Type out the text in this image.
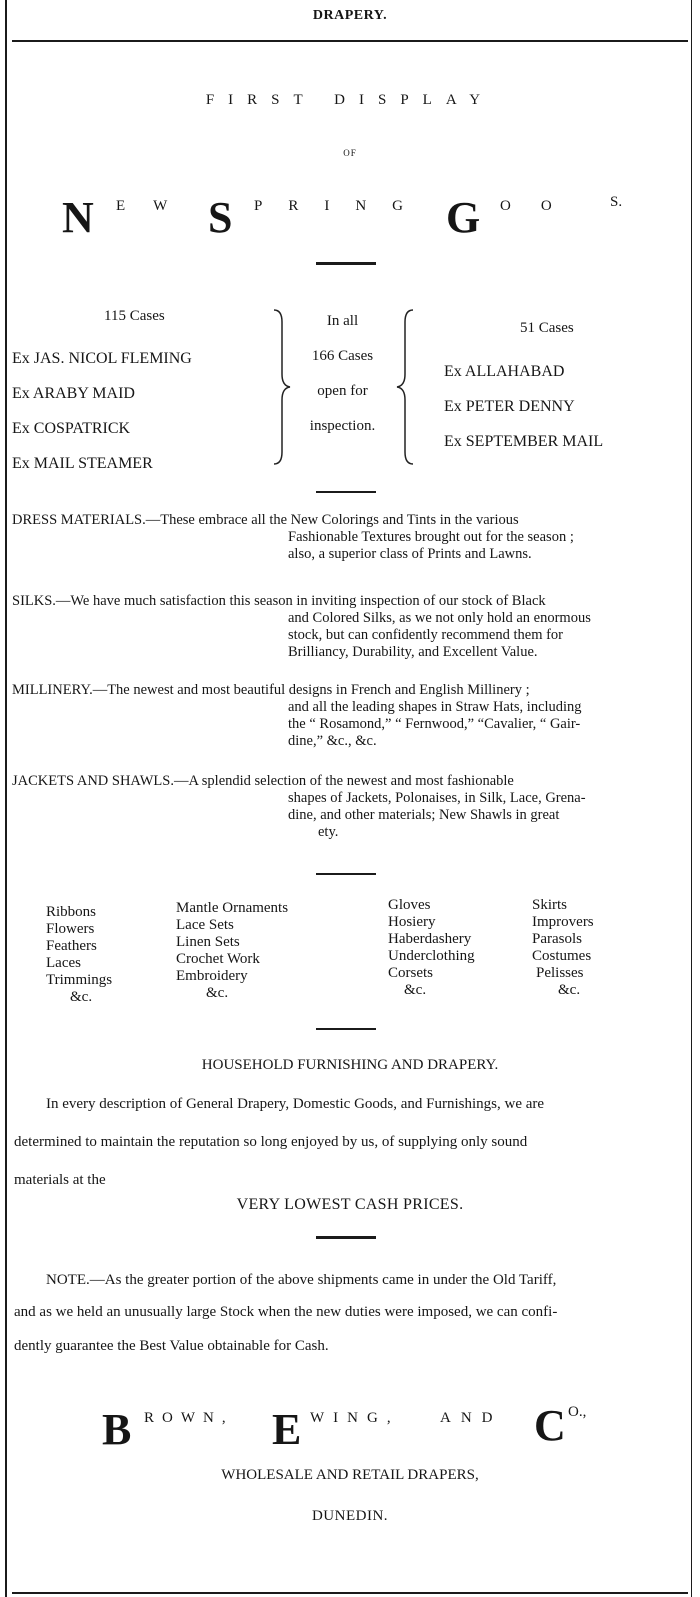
DRAPERY.
FIRST DISPLAY
OF
N EW S PRING G OO S.
115 Cases
Ex JAS. NICOL FLEMING
Ex ARABY MAID
Ex COSPATRICK
Ex MAIL STEAMER
In all
166 Cases
open for
inspection.
51 Cases
Ex ALLAHABAD
Ex PETER DENNY
Ex SEPTEMBER MAIL
DRESS MATERIALS.—These embrace all the New Colorings and Tints in the various
Fashionable Textures brought out for the season ;
also, a superior class of Prints and Lawns.
SILKS.—We have much satisfaction this season in inviting inspection of our stock of Black
and Colored Silks, as we not only hold an enormous
stock, but can confidently recommend them for
Brilliancy, Durability, and Excellent Value.
MILLINERY.—The newest and most beautiful designs in French and English Millinery ;
and all the leading shapes in Straw Hats, including
the “ Rosamond,” “ Fernwood,” “Cavalier, “ Gair-
dine,” &c., &c.
JACKETS AND SHAWLS.—A splendid selection of the newest and most fashionable
shapes of Jackets, Polonaises, in Silk, Lace, Grena-
dine, and other materials; New Shawls in great
ety.
Ribbons
Flowers
Feathers
Laces
Trimmings
&c.
Mantle Ornaments
Lace Sets
Linen Sets
Crochet Work
Embroidery
&c.
Gloves
Hosiery
Haberdashery
Underclothing
Corsets
&c.
Skirts
Improvers
Parasols
Costumes
Pelisses
&c.
HOUSEHOLD FURNISHING AND DRAPERY.
In every description of General Drapery, Domestic Goods, and Furnishings, we are
determined to maintain the reputation so long enjoyed by us, of supplying only sound
materials at the
VERY LOWEST CASH PRICES.
NOTE.—As the greater portion of the above shipments came in under the Old Tariff,
and as we held an unusually large Stock when the new duties were imposed, we can confi-
dently guarantee the Best Value obtainable for Cash.
B ROWN, E WING,	AND C O.,
WHOLESALE AND RETAIL DRAPERS,
DUNEDIN.
